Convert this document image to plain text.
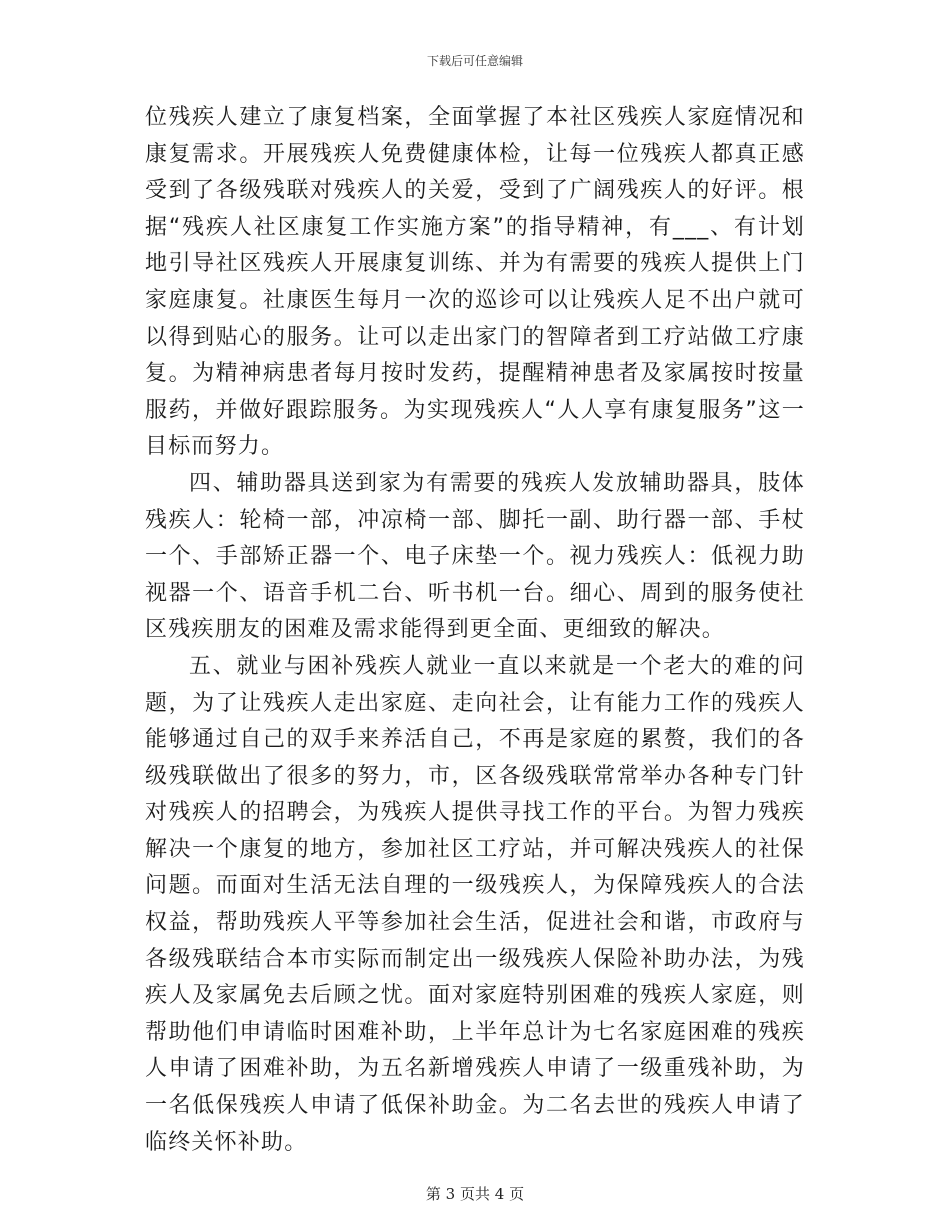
下载后可任意编辑

位残疾人建立了康复档案，全面掌握了本社区残疾人家庭情况和康复需求。开展残疾人免费健康体检，让每一位残疾人都真正感受到了各级残联对残疾人的关爱，受到了广阔残疾人的好评。根据“残疾人社区康复工作实施方案”的指导精神，有___、有计划地引导社区残疾人开展康复训练、并为有需要的残疾人提供上门家庭康复。社康医生每月一次的巡诊可以让残疾人足不出户就可以得到贴心的服务。让可以走出家门的智障者到工疗站做工疗康复。为精神病患者每月按时发药，提醒精神患者及家属按时按量服药，并做好跟踪服务。为实现残疾人“人人享有康复服务”这一目标而努力。

四、辅助器具送到家为有需要的残疾人发放辅助器具，肢体残疾人：轮椅一部，冲凉椅一部、脚托一副、助行器一部、手杖一个、手部矫正器一个、电子床垫一个。视力残疾人：低视力助视器一个、语音手机二台、听书机一台。细心、周到的服务使社区残疾朋友的困难及需求能得到更全面、更细致的解决。

五、就业与困补残疾人就业一直以来就是一个老大的难的问题，为了让残疾人走出家庭、走向社会，让有能力工作的残疾人能够通过自己的双手来养活自己，不再是家庭的累赘，我们的各级残联做出了很多的努力，市，区各级残联常常举办各种专门针对残疾人的招聘会，为残疾人提供寻找工作的平台。为智力残疾解决一个康复的地方，参加社区工疗站，并可解决残疾人的社保问题。而面对生活无法自理的一级残疾人，为保障残疾人的合法权益，帮助残疾人平等参加社会生活，促进社会和谐，市政府与各级残联结合本市实际而制定出一级残疾人保险补助办法，为残疾人及家属免去后顾之忧。面对家庭特别困难的残疾人家庭，则帮助他们申请临时困难补助，上半年总计为七名家庭困难的残疾人申请了困难补助，为五名新增残疾人申请了一级重残补助，为一名低保残疾人申请了低保补助金。为二名去世的残疾人申请了临终关怀补助。

第 3 页共 4 页
